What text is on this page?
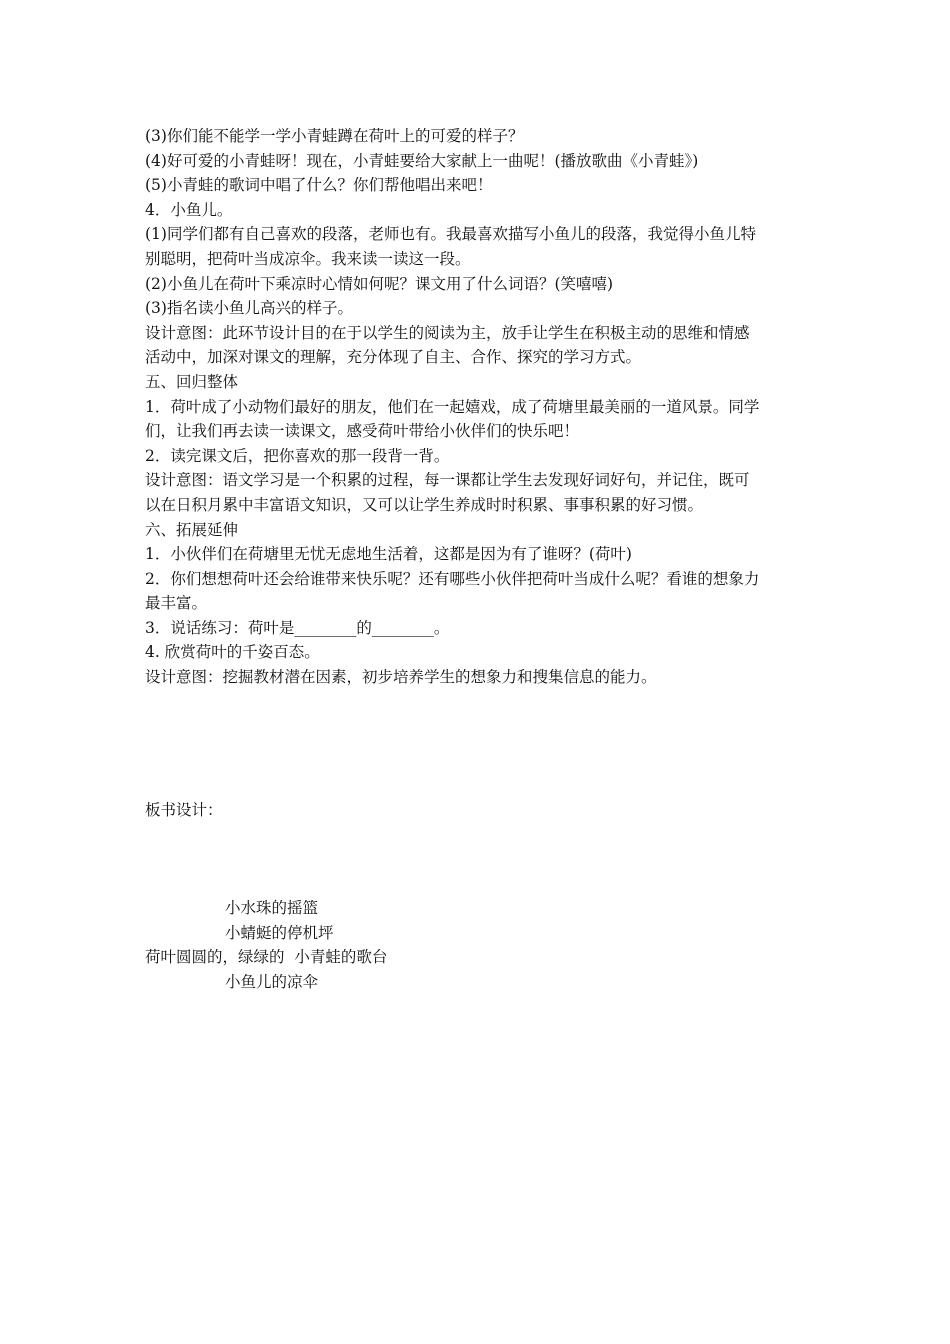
(3)你们能不能学一学小青蛙蹲在荷叶上的可爱的样子？
(4)好可爱的小青蛙呀！现在，小青蛙要给大家献上一曲呢！(播放歌曲《小青蛙》)
(5)小青蛙的歌词中唱了什么？你们帮他唱出来吧！
4．小鱼儿。
(1)同学们都有自己喜欢的段落，老师也有。我最喜欢描写小鱼儿的段落，我觉得小鱼儿特
别聪明，把荷叶当成凉伞。我来读一读这一段。
(2)小鱼儿在荷叶下乘凉时心情如何呢？课文用了什么词语？(笑嘻嘻)
(3)指名读小鱼儿高兴的样子。
设计意图：此环节设计目的在于以学生的阅读为主，放手让学生在积极主动的思维和情感
活动中，加深对课文的理解，充分体现了自主、合作、探究的学习方式。
五、回归整体
1．荷叶成了小动物们最好的朋友，他们在一起嬉戏，成了荷塘里最美丽的一道风景。同学
们，让我们再去读一读课文，感受荷叶带给小伙伴们的快乐吧！
2．读完课文后，把你喜欢的那一段背一背。
设计意图：语文学习是一个积累的过程，每一课都让学生去发现好词好句，并记住，既可
以在日积月累中丰富语文知识，又可以让学生养成时时积累、事事积累的好习惯。
六、拓展延伸
1．小伙伴们在荷塘里无忧无虑地生活着，这都是因为有了谁呀？(荷叶)
2．你们想想荷叶还会给谁带来快乐呢？还有哪些小伙伴把荷叶当成什么呢？看谁的想象力
最丰富。
3．说话练习：荷叶是________的________。
4. 欣赏荷叶的千姿百态。
设计意图：挖掘教材潜在因素，初步培养学生的想象力和搜集信息的能力。
板书设计：
小水珠的摇篮
小蜻蜓的停机坪
荷叶圆圆的，绿绿的 小青蛙的歌台
小鱼儿的凉伞
